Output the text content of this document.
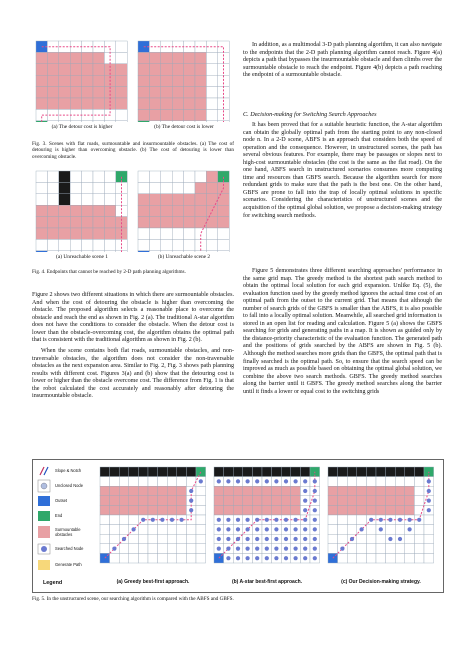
(a) The detour cost is higher	(b) The detour cost is lower
Fig. 3. Scenes with flat roads, surmountable and insurmountable obstacles. (a) The cost of detouring is higher than overcoming obstacle. (b) The cost of detouring is lower than overcoming obstacle.
(a) Unreachable scene 1	(b) Unreachable scene 2
Fig. 4. Endpoints that cannot be reached by 2-D path planning algorithms.
Figure 2 shows two different situations in which there are surmountable obstacles. And when the cost of detouring the obstacle is higher than overcoming the obstacle. The proposed algorithm selects a reasonable place to overcome the obstacle and reach the end as shown in Fig. 2 (a). The traditional A-star algorithm does not have the conditions to consider the obstacle. When the detour cost is lower than the obstacle-overcoming cost, the algorithm obtains the optimal path that is consistent with the traditional algorithm as shown in Fig. 2 (b).
When the scene contains both flat roads, surmountable obstacles, and non-traversable obstacles, the algorithm does not consider the non-traversable obstacles as the next expansion area. Similar to Fig. 2, Fig. 3 shows path planning results with different cost. Figures 3(a) and (b) show that the detouring cost is lower or higher than the obstacle overcome cost. The difference from Fig. 1 is that the robot calculated the cost accurately and reasonably after detouring the insurmountable obstacle.
In addition, as a multimodal 3-D path planning algorithm, it can also navigate to the endpoints that the 2-D path planning algorithm cannot reach. Figure 4(a) depicts a path that bypasses the insurmountable obstacle and then climbs over the surmountable obstacle to reach the endpoint. Figure 4(b) depicts a path reaching the endpoint of a surmountable obstacle.
C. Decision-making for Switching Search Approaches
It has been proved that for a suitable heuristic function, the A-star algorithm can obtain the globally optimal path from the starting point to any non-closed node n. In a 2-D scene, ABFS is an approach that considers both the speed of operation and the consequence. However, in unstructured scenes, the path has several obvious features. For example, there may be passages or slopes next to high-cost surmountable obstacles (the cost is the same as the flat road). On the one hand, ABFS search in unstructured scenarios consumes more computing time and resources than GBFS search. Because the algorithm search for more redundant grids to make sure that the path is the best one. On the other hand, GBFS are prone to fall into the trap of locally optimal solutions in specific scenarios. Considering the characteristics of unstructured scenes and the acquisition of the optimal global solution, we propose a decision-making strategy for switching search methods.
Figure 5 demonstrates three different searching approaches' performance in the same grid map. The greedy method is the shortest path search method to obtain the optimal local solution for each grid expansion. Unlike Eq. (5), the evaluation function used by the greedy method ignores the actual time cost of an optimal path from the outset to the current grid. That means that although the number of search grids of the GBFS is smaller than the ABFS, it is also possible to fall into a locally optimal solution. Meanwhile, all searched grid information is stored in an open list for reading and calculation. Figure 5 (a) shows the GBFS searching for grids and generating paths in a map. It is shown as guided only by the distance-priority characteristic of the evaluation function. The generated path and the positions of grids searched by the ABFS are shown in Fig. 5 (b). Although the method searches more grids than the GBFS, the optimal path that is finally searched is the optimal path. So, to ensure that the search speed can be improved as much as possible based on obtaining the optimal global solution, we combine the above two search methods. GBFS. The greedy method searches along the barrier until it GBFS. The greedy method searches along the barrier until it finds a lower or equal cost to the switching grids
Slope & Notch
Unclosed Node
Outset
End
Surmountable obstacles
Searched Node
Generate Path
Legend	(a) Greedy best-first approach.	(b) A-star best-first approach.	(c) Our Decision-making strategy.
Fig. 5. In the unstructured scene, our searching algorithm is compared with the ABFS and GBFS.
